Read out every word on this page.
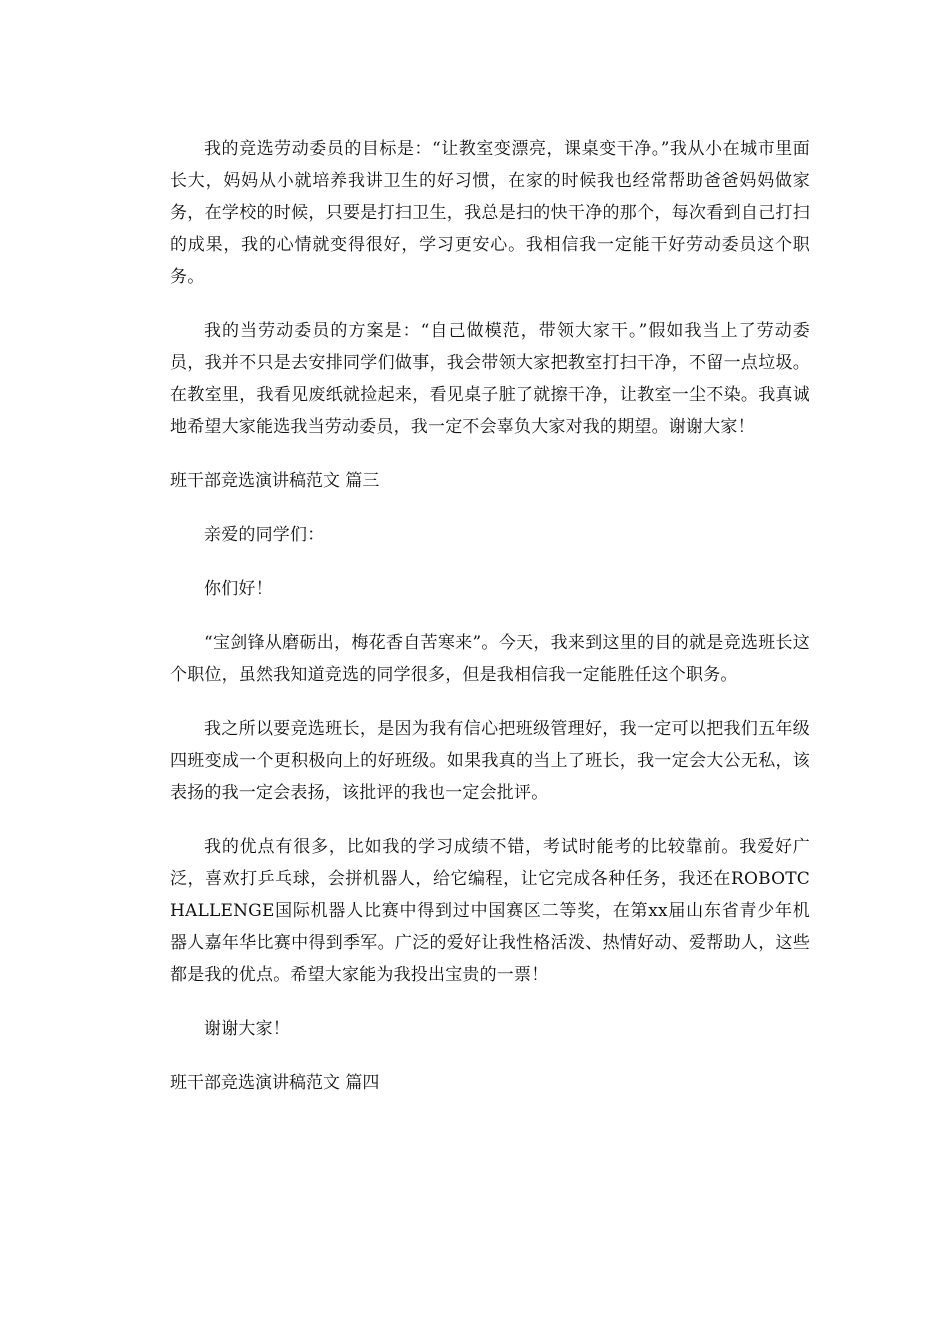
我的竞选劳动委员的目标是：“让教室变漂亮，课桌变干净。”我从小在城市里面长大，妈妈从小就培养我讲卫生的好习惯，在家的时候我也经常帮助爸爸妈妈做家务，在学校的时候，只要是打扫卫生，我总是扫的快干净的那个，每次看到自己打扫的成果，我的心情就变得很好，学习更安心。我相信我一定能干好劳动委员这个职务。

我的当劳动委员的方案是：“自己做模范，带领大家干。”假如我当上了劳动委员，我并不只是去安排同学们做事，我会带领大家把教室打扫干净，不留一点垃圾。在教室里，我看见废纸就捡起来，看见桌子脏了就擦干净，让教室一尘不染。我真诚地希望大家能选我当劳动委员，我一定不会辜负大家对我的期望。谢谢大家！

班干部竞选演讲稿范文 篇三

亲爱的同学们：

你们好！

“宝剑锋从磨砺出，梅花香自苦寒来”。今天，我来到这里的目的就是竞选班长这个职位，虽然我知道竞选的同学很多，但是我相信我一定能胜任这个职务。

我之所以要竞选班长，是因为我有信心把班级管理好，我一定可以把我们五年级四班变成一个更积极向上的好班级。如果我真的当上了班长，我一定会大公无私，该表扬的我一定会表扬，该批评的我也一定会批评。

我的优点有很多，比如我的学习成绩不错，考试时能考的比较靠前。我爱好广泛，喜欢打乒乓球，会拼机器人，给它编程，让它完成各种任务，我还在ROBOTCHALLENGE国际机器人比赛中得到过中国赛区二等奖，在第xx届山东省青少年机器人嘉年华比赛中得到季军。广泛的爱好让我性格活泼、热情好动、爱帮助人，这些都是我的优点。希望大家能为我投出宝贵的一票！

谢谢大家！

班干部竞选演讲稿范文 篇四
